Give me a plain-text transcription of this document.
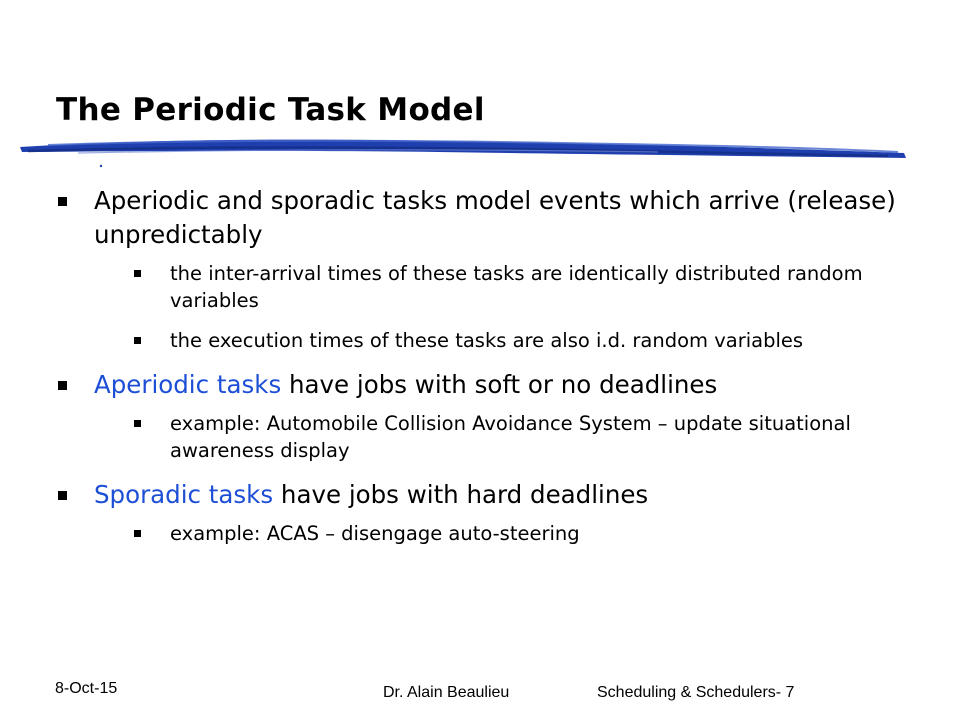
The Periodic Task Model
Aperiodic and sporadic tasks model events which arrive (release) unpredictably
the inter-arrival times of these tasks are identically distributed random variables
the execution times of these tasks are also i.d. random variables
Aperiodic tasks have jobs with soft or no deadlines
example: Automobile Collision Avoidance System – update situational awareness display
Sporadic tasks have jobs with hard deadlines
example: ACAS – disengage auto-steering
8-Oct-15	Dr. Alain Beaulieu	Scheduling & Schedulers- 7
